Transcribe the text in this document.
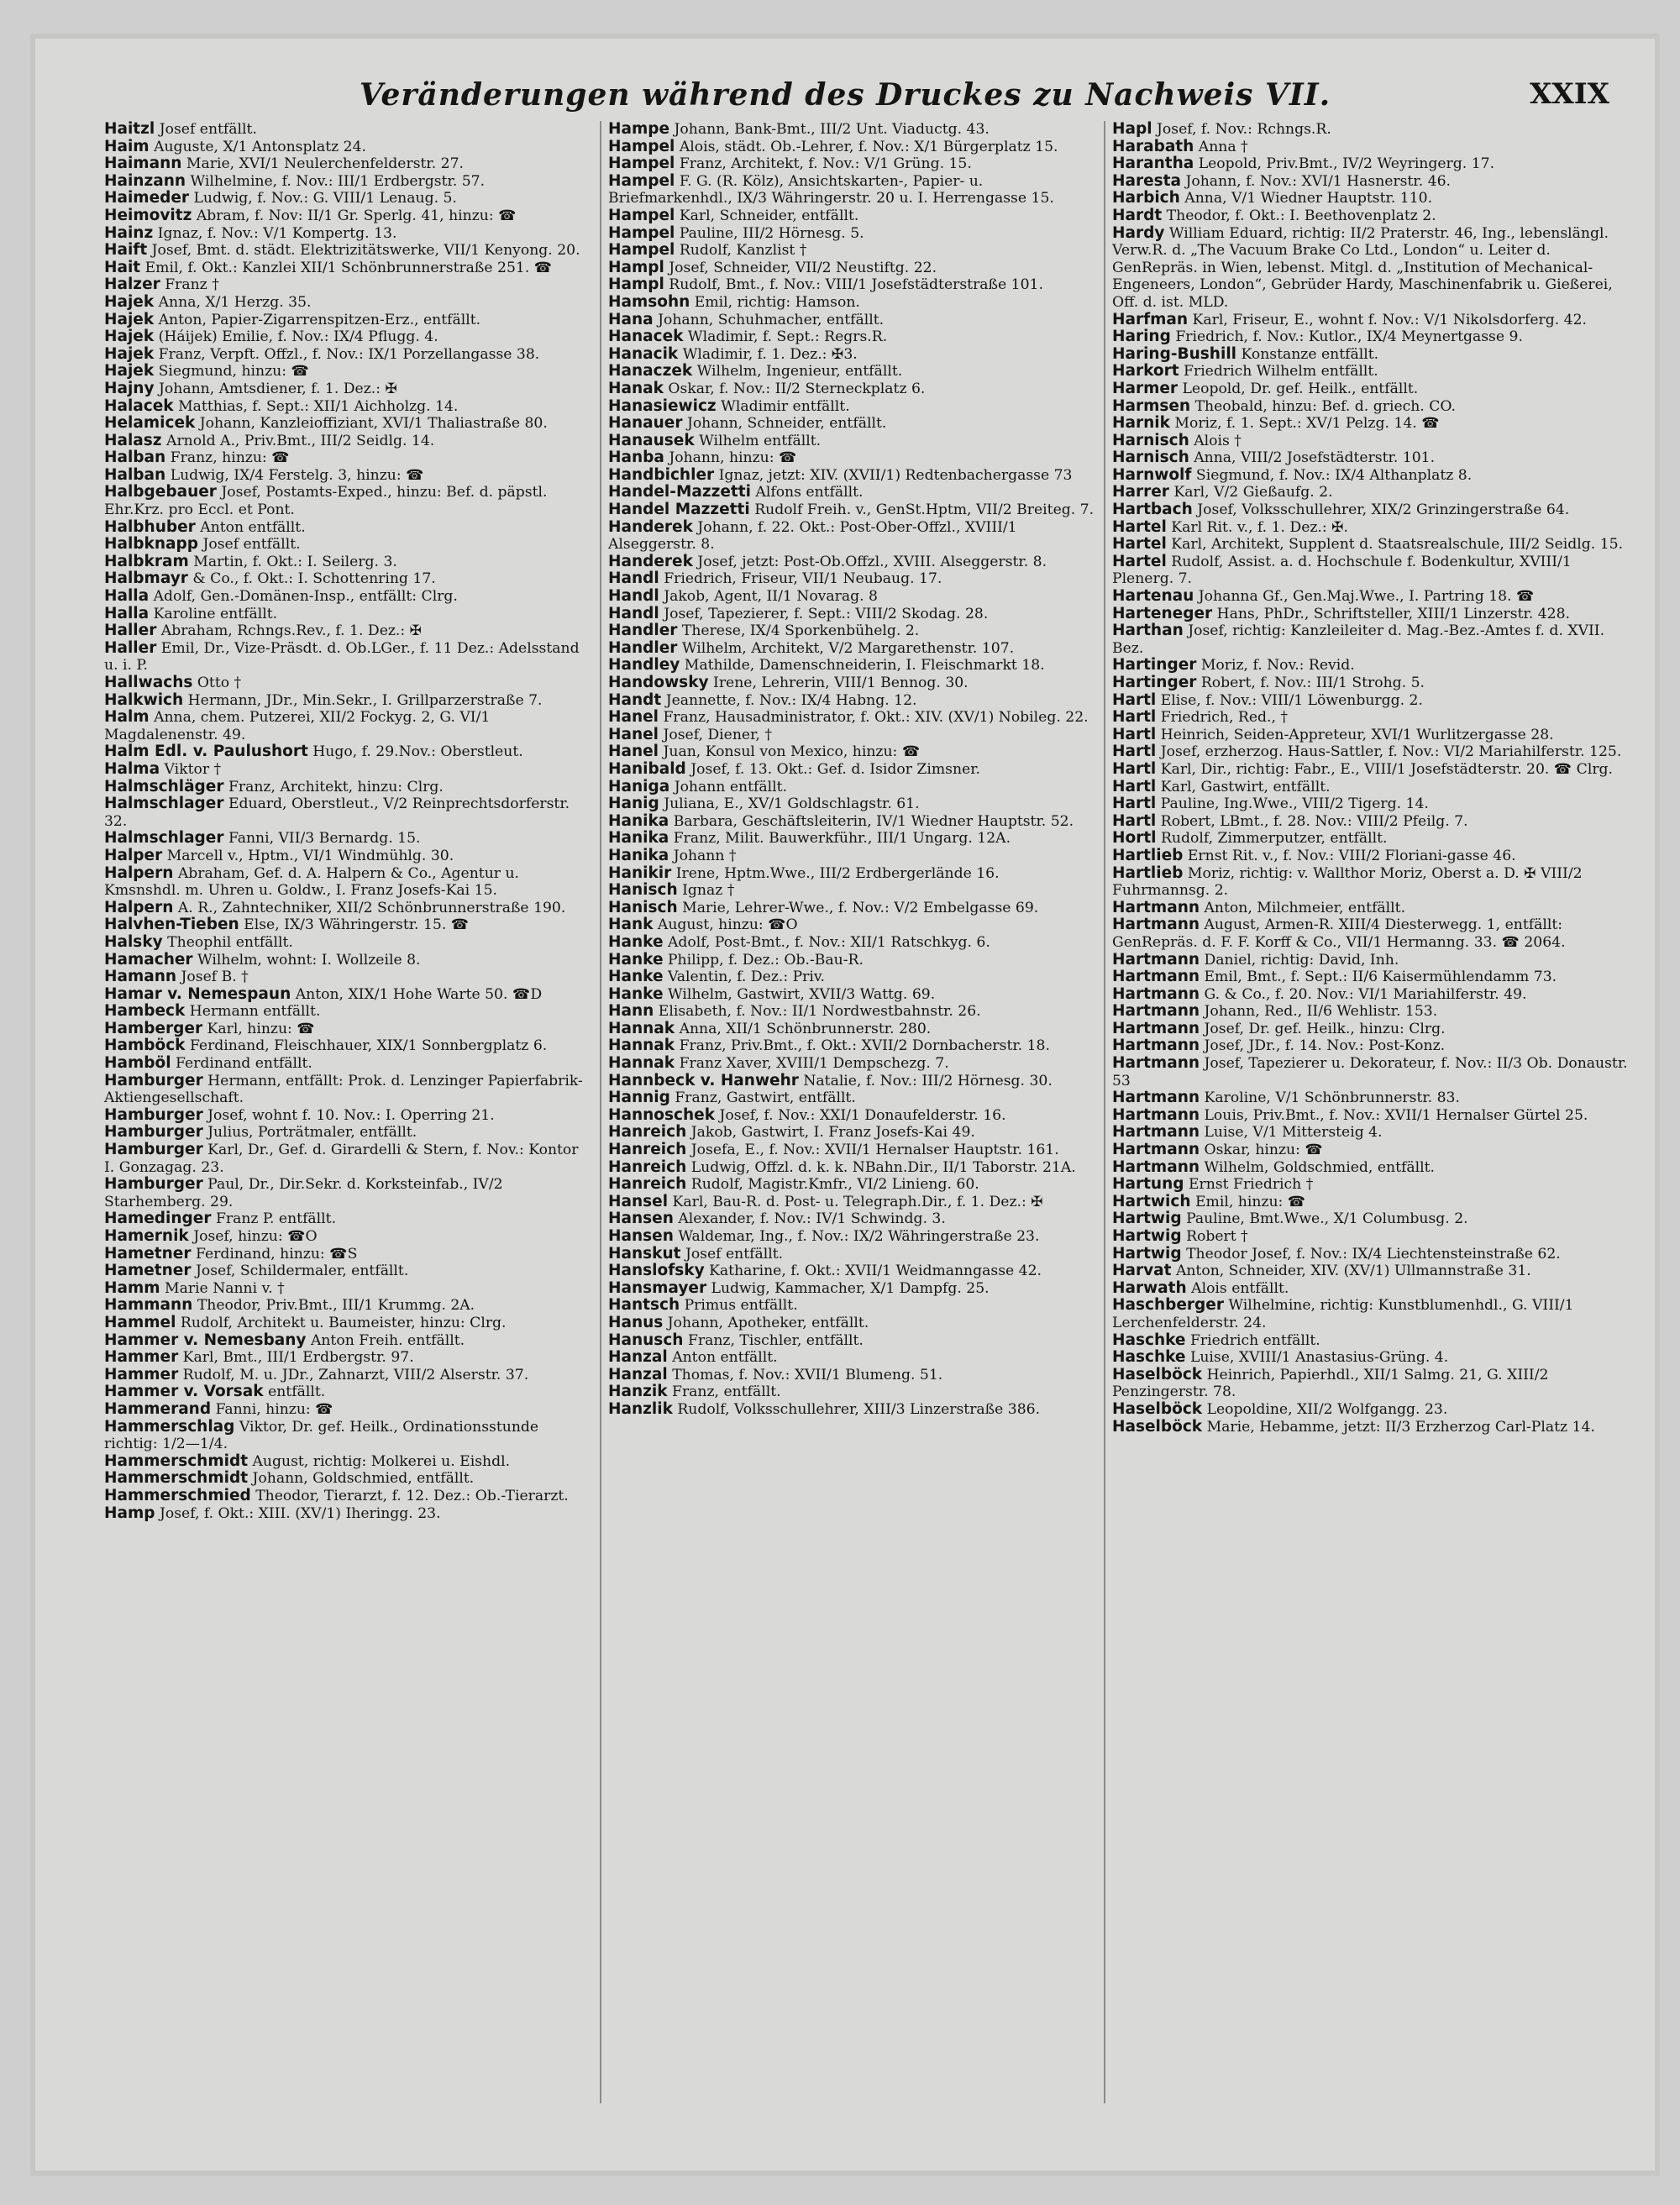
Veränderungen während des Druckes zu Nachweis VII.	XXIX

Haitzl Josef entfällt.

Haim Auguste, X/1 Antonsplatz 24.

Haimann Marie, XVI/1 Neulerchenfelderstr. 27.

Hainzann Wilhelmine, f. Nov.: III/1 Erdbergstr. 57.

Haimeder Ludwig, f. Nov.: G. VIII/1 Lenaug. 5.

Heimovitz Abram, f. Nov: II/1 Gr. Sperlg. 41, hinzu: ☎

Hainz Ignaz, f. Nov.: V/1 Kompertg. 13.

Haift Josef, Bmt. d. städt. Elektrizitätswerke, VII/1 Kenyong. 20.

Hait Emil, f. Okt.: Kanzlei XII/1 Schönbrunnerstraße 251. ☎

Halzer Franz †

Hajek Anna, X/1 Herzg. 35.

Hajek Anton, Papier-Zigarrenspitzen-Erz., entfällt.

Hajek (Háijek) Emilie, f. Nov.: IX/4 Pflugg. 4.

Hajek Franz, Verpft. Offzl., f. Nov.: IX/1 Porzellangasse 38.

Hajek Siegmund, hinzu: ☎

Hajny Johann, Amtsdiener, f. 1. Dez.: ✠

Halacek Matthias, f. Sept.: XII/1 Aichholzg. 14.

Helamicek Johann, Kanzleioffiziant, XVI/1 Thaliastraße 80.

Halasz Arnold A., Priv.Bmt., III/2 Seidlg. 14.

Halban Franz, hinzu: ☎

Halban Ludwig, IX/4 Ferstelg. 3, hinzu: ☎

Halbgebauer Josef, Postamts-Exped., hinzu: Bef. d. päpstl. Ehr.Krz. pro Eccl. et Pont.

Halbhuber Anton entfällt.

Halbknapp Josef entfällt.

Halbkram Martin, f. Okt.: I. Seilerg. 3.

Halbmayr & Co., f. Okt.: I. Schottenring 17.

Halla Adolf, Gen.-Domänen-Insp., entfällt: Clrg.

Halla Karoline entfällt.

Haller Abraham, Rchngs.Rev., f. 1. Dez.: ✠

Haller Emil, Dr., Vize-Präsdt. d. Ob.LGer., f. 11 Dez.: Adelsstand u. i. P.

Hallwachs Otto †

Halkwich Hermann, JDr., Min.Sekr., I. Grillparzerstraße 7.

Halm Anna, chem. Putzerei, XII/2 Fockyg. 2, G. VI/1 Magdalenenstr. 49.

Halm Edl. v. Paulushort Hugo, f. 29.Nov.: Oberstleut.

Halma Viktor †

Halmschläger Franz, Architekt, hinzu: Clrg.

Halmschlager Eduard, Oberstleut., V/2 Reinprechtsdorferstr. 32.

Halmschlager Fanni, VII/3 Bernardg. 15.

Halper Marcell v., Hptm., VI/1 Windmühlg. 30.

Halpern Abraham, Gef. d. A. Halpern & Co., Agentur u. Kmsnshdl. m. Uhren u. Goldw., I. Franz Josefs-Kai 15.

Halpern A. R., Zahntechniker, XII/2 Schönbrunnerstraße 190.

Halvhen-Tieben Else, IX/3 Währingerstr. 15. ☎

Halsky Theophil entfällt.

Hamacher Wilhelm, wohnt: I. Wollzeile 8.

Hamann Josef B. †

Hamar v. Nemespaun Anton, XIX/1 Hohe Warte 50. ☎D

Hambeck Hermann entfällt.

Hamberger Karl, hinzu: ☎

Hamböck Ferdinand, Fleischhauer, XIX/1 Sonnbergplatz 6.

Hamböl Ferdinand entfällt.

Hamburger Hermann, entfällt: Prok. d. Lenzinger Papierfabrik-Aktiengesellschaft.

Hamburger Josef, wohnt f. 10. Nov.: I. Operring 21.

Hamburger Julius, Porträtmaler, entfällt.

Hamburger Karl, Dr., Gef. d. Girardelli & Stern, f. Nov.: Kontor I. Gonzagag. 23.

Hamburger Paul, Dr., Dir.Sekr. d. Korksteinfab., IV/2 Starhemberg. 29.

Hamedinger Franz P. entfällt.

Hamernik Josef, hinzu: ☎O

Hametner Ferdinand, hinzu: ☎S

Hametner Josef, Schildermaler, entfällt.

Hamm Marie Nanni v. †

Hammann Theodor, Priv.Bmt., III/1 Krummg. 2A.

Hammel Rudolf, Architekt u. Baumeister, hinzu: Clrg.

Hammer v. Nemesbany Anton Freih. entfällt.

Hammer Karl, Bmt., III/1 Erdbergstr. 97.

Hammer Rudolf, M. u. JDr., Zahnarzt, VIII/2 Alserstr. 37.

Hammer v. Vorsak entfällt.

Hammerand Fanni, hinzu: ☎

Hammerschlag Viktor, Dr. gef. Heilk., Ordinationsstunde richtig: 1/2—1/4.

Hammerschmidt August, richtig: Molkerei u. Eishdl.

Hammerschmidt Johann, Goldschmied, entfällt.

Hammerschmied Theodor, Tierarzt, f. 12. Dez.: Ob.-Tierarzt.

Hamp Josef, f. Okt.: XIII. (XV/1) Iheringg. 23.

Hampe Johann, Bank-Bmt., III/2 Unt. Viaductg. 43.

Hampel Alois, städt. Ob.-Lehrer, f. Nov.: X/1 Bürgerplatz 15.

Hampel Franz, Architekt, f. Nov.: V/1 Grüng. 15.

Hampel F. G. (R. Kölz), Ansichtskarten-, Papier- u. Briefmarkenhdl., IX/3 Währingerstr. 20 u. I. Herrengasse 15.

Hampel Karl, Schneider, entfällt.

Hampel Pauline, III/2 Hörnesg. 5.

Hampel Rudolf, Kanzlist †

Hampl Josef, Schneider, VII/2 Neustiftg. 22.

Hampl Rudolf, Bmt., f. Nov.: VIII/1 Josefstädterstraße 101.

Hamsohn Emil, richtig: Hamson.

Hana Johann, Schuhmacher, entfällt.

Hanacek Wladimir, f. Sept.: Regrs.R.

Hanacik Wladimir, f. 1. Dez.: ✠3.

Hanaczek Wilhelm, Ingenieur, entfällt.

Hanak Oskar, f. Nov.: II/2 Sterneckplatz 6.

Hanasiewicz Wladimir entfällt.

Hanauer Johann, Schneider, entfällt.

Hanausek Wilhelm entfällt.

Hanba Johann, hinzu: ☎

Handbichler Ignaz, jetzt: XIV. (XVII/1) Redtenbachergasse 73

Handel-Mazzetti Alfons entfällt.

Handel Mazzetti Rudolf Freih. v., GenSt.Hptm, VII/2 Breiteg. 7.

Handerek Johann, f. 22. Okt.: Post-Ober-Offzl., XVIII/1 Alseggerstr. 8.

Handerek Josef, jetzt: Post-Ob.Offzl., XVIII. Alseggerstr. 8.

Handl Friedrich, Friseur, VII/1 Neubaug. 17.

Handl Jakob, Agent, II/1 Novarag. 8

Handl Josef, Tapezierer, f. Sept.: VIII/2 Skodag. 28.

Handler Therese, IX/4 Sporkenbühelg. 2.

Handler Wilhelm, Architekt, V/2 Margarethenstr. 107.

Handley Mathilde, Damenschneiderin, I. Fleischmarkt 18.

Handowsky Irene, Lehrerin, VIII/1 Bennog. 30.

Handt Jeannette, f. Nov.: IX/4 Habng. 12.

Hanel Franz, Hausadministrator, f. Okt.: XIV. (XV/1) Nobileg. 22.

Hanel Josef, Diener, †

Hanel Juan, Konsul von Mexico, hinzu: ☎

Hanibald Josef, f. 13. Okt.: Gef. d. Isidor Zimsner.

Haniga Johann entfällt.

Hanig Juliana, E., XV/1 Goldschlagstr. 61.

Hanika Barbara, Geschäftsleiterin, IV/1 Wiedner Hauptstr. 52.

Hanika Franz, Milit. Bauwerkführ., III/1 Ungarg. 12A.

Hanika Johann †

Hanikir Irene, Hptm.Wwe., III/2 Erdbergerlände 16.

Hanisch Ignaz †

Hanisch Marie, Lehrer-Wwe., f. Nov.: V/2 Embelgasse 69.

Hank August, hinzu: ☎O

Hanke Adolf, Post-Bmt., f. Nov.: XII/1 Ratschkyg. 6.

Hanke Philipp, f. Dez.: Ob.-Bau-R.

Hanke Valentin, f. Dez.: Priv.

Hanke Wilhelm, Gastwirt, XVII/3 Wattg. 69.

Hann Elisabeth, f. Nov.: II/1 Nordwestbahnstr. 26.

Hannak Anna, XII/1 Schönbrunnerstr. 280.

Hannak Franz, Priv.Bmt., f. Okt.: XVII/2 Dornbacherstr. 18.

Hannak Franz Xaver, XVIII/1 Dempschezg. 7.

Hannbeck v. Hanwehr Natalie, f. Nov.: III/2 Hörnesg. 30.

Hannig Franz, Gastwirt, entfällt.

Hannoschek Josef, f. Nov.: XXI/1 Donaufelderstr. 16.

Hanreich Jakob, Gastwirt, I. Franz Josefs-Kai 49.

Hanreich Josefa, E., f. Nov.: XVII/1 Hernalser Hauptstr. 161.

Hanreich Ludwig, Offzl. d. k. k. NBahn.Dir., II/1 Taborstr. 21A.

Hanreich Rudolf, Magistr.Kmfr., VI/2 Linieng. 60.

Hansel Karl, Bau-R. d. Post- u. Telegraph.Dir., f. 1. Dez.: ✠

Hansen Alexander, f. Nov.: IV/1 Schwindg. 3.

Hansen Waldemar, Ing., f. Nov.: IX/2 Währingerstraße 23.

Hanskut Josef entfällt.

Hanslofsky Katharine, f. Okt.: XVII/1 Weidmanngasse 42.

Hansmayer Ludwig, Kammacher, X/1 Dampfg. 25.

Hantsch Primus entfällt.

Hanus Johann, Apotheker, entfällt.

Hanusch Franz, Tischler, entfällt.

Hanzal Anton entfällt.

Hanzal Thomas, f. Nov.: XVII/1 Blumeng. 51.

Hanzik Franz, entfällt.

Hanzlik Rudolf, Volksschullehrer, XIII/3 Linzerstraße 386.

Hapl Josef, f. Nov.: Rchngs.R.

Harabath Anna †

Harantha Leopold, Priv.Bmt., IV/2 Weyringerg. 17.

Haresta Johann, f. Nov.: XVI/1 Hasnerstr. 46.

Harbich Anna, V/1 Wiedner Hauptstr. 110.

Hardt Theodor, f. Okt.: I. Beethovenplatz 2.

Hardy William Eduard, richtig: II/2 Praterstr. 46, Ing., lebenslängl. Verw.R. d. „The Vacuum Brake Co Ltd., London“ u. Leiter d. GenRepräs. in Wien, lebenst. Mitgl. d. „Institution of Mechanical-Engeneers, London“, Gebrüder Hardy, Maschinenfabrik u. Gießerei, Off. d. ist. MLD.

Harfman Karl, Friseur, E., wohnt f. Nov.: V/1 Nikolsdorferg. 42.

Haring Friedrich, f. Nov.: Kutlor., IX/4 Meynertgasse 9.

Haring-Bushill Konstanze entfällt.

Harkort Friedrich Wilhelm entfällt.

Harmer Leopold, Dr. gef. Heilk., entfällt.

Harmsen Theobald, hinzu: Bef. d. griech. CO.

Harnik Moriz, f. 1. Sept.: XV/1 Pelzg. 14. ☎

Harnisch Alois †

Harnisch Anna, VIII/2 Josefstädterstr. 101.

Harnwolf Siegmund, f. Nov.: IX/4 Althanplatz 8.

Harrer Karl, V/2 Gießaufg. 2.

Hartbach Josef, Volksschullehrer, XIX/2 Grinzingerstraße 64.

Hartel Karl Rit. v., f. 1. Dez.: ✠.

Hartel Karl, Architekt, Supplent d. Staatsrealschule, III/2 Seidlg. 15.

Hartel Rudolf, Assist. a. d. Hochschule f. Bodenkultur, XVIII/1 Plenerg. 7.

Hartenau Johanna Gf., Gen.Maj.Wwe., I. Partring 18. ☎

Harteneger Hans, PhDr., Schriftsteller, XIII/1 Linzerstr. 428.

Harthan Josef, richtig: Kanzleileiter d. Mag.-Bez.-Amtes f. d. XVII. Bez.

Hartinger Moriz, f. Nov.: Revid.

Hartinger Robert, f. Nov.: III/1 Strohg. 5.

Hartl Elise, f. Nov.: VIII/1 Löwenburgg. 2.

Hartl Friedrich, Red., †

Hartl Heinrich, Seiden-Appreteur, XVI/1 Wurlitzergasse 28.

Hartl Josef, erzherzog. Haus-Sattler, f. Nov.: VI/2 Mariahilferstr. 125.

Hartl Karl, Dir., richtig: Fabr., E., VIII/1 Josefstädterstr. 20. ☎ Clrg.

Hartl Karl, Gastwirt, entfällt.

Hartl Pauline, Ing.Wwe., VIII/2 Tigerg. 14.

Hartl Robert, LBmt., f. 28. Nov.: VIII/2 Pfeilg. 7.

Hortl Rudolf, Zimmerputzer, entfällt.

Hartlieb Ernst Rit. v., f. Nov.: VIII/2 Floriani-gasse 46.

Hartlieb Moriz, richtig: v. Wallthor Moriz, Oberst a. D. ✠ VIII/2 Fuhrmannsg. 2.

Hartmann Anton, Milchmeier, entfällt.

Hartmann August, Armen-R. XIII/4 Diesterwegg. 1, entfällt: GenRepräs. d. F. F. Korff & Co., VII/1 Hermanng. 33. ☎ 2064.

Hartmann Daniel, richtig: David, Inh.

Hartmann Emil, Bmt., f. Sept.: II/6 Kaisermühlendamm 73.

Hartmann G. & Co., f. 20. Nov.: VI/1 Mariahilferstr. 49.

Hartmann Johann, Red., II/6 Wehlistr. 153.

Hartmann Josef, Dr. gef. Heilk., hinzu: Clrg.

Hartmann Josef, JDr., f. 14. Nov.: Post-Konz.

Hartmann Josef, Tapezierer u. Dekorateur, f. Nov.: II/3 Ob. Donaustr. 53

Hartmann Karoline, V/1 Schönbrunnerstr. 83.

Hartmann Louis, Priv.Bmt., f. Nov.: XVII/1 Hernalser Gürtel 25.

Hartmann Luise, V/1 Mittersteig 4.

Hartmann Oskar, hinzu: ☎

Hartmann Wilhelm, Goldschmied, entfällt.

Hartung Ernst Friedrich †

Hartwich Emil, hinzu: ☎

Hartwig Pauline, Bmt.Wwe., X/1 Columbusg. 2.

Hartwig Robert †

Hartwig Theodor Josef, f. Nov.: IX/4 Liechtensteinstraße 62.

Harvat Anton, Schneider, XIV. (XV/1) Ullmannstraße 31.

Harwath Alois entfällt.

Haschberger Wilhelmine, richtig: Kunstblumenhdl., G. VIII/1 Lerchenfelderstr. 24.

Haschke Friedrich entfällt.

Haschke Luise, XVIII/1 Anastasius-Grüng. 4.

Haselböck Heinrich, Papierhdl., XII/1 Salmg. 21, G. XIII/2 Penzingerstr. 78.

Haselböck Leopoldine, XII/2 Wolfgangg. 23.

Haselböck Marie, Hebamme, jetzt: II/3 Erzherzog Carl-Platz 14.
